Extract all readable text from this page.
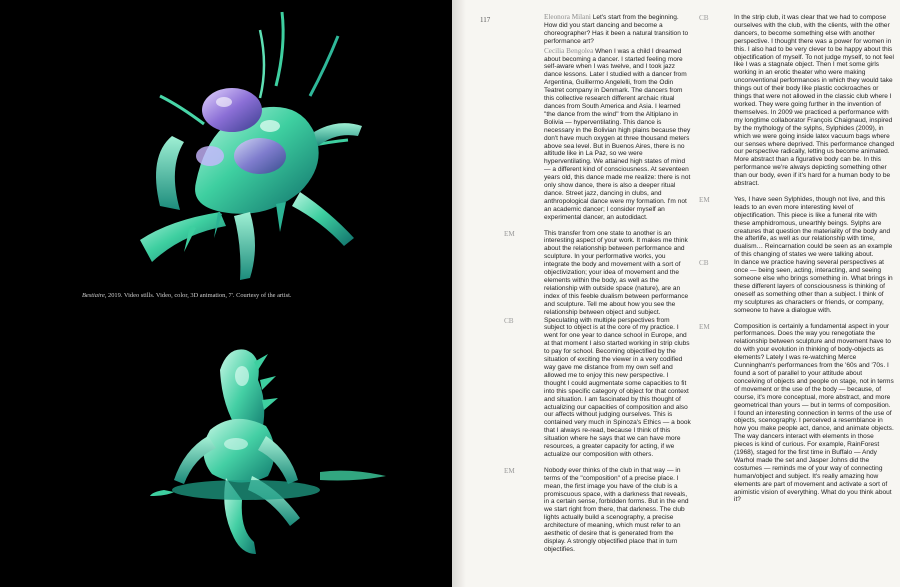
Bestiaire, 2019. Video stills. Video, color, 3D animation, 7'. Courtesy of the artist.
117	Eleonora Milani Let's start from the beginning. How did you start dancing and become a choreographer? Has it been a natural transition to performance art?
Cecilia Bengolea When I was a child I dreamed about becoming a dancer. I started feeling more self-aware when I was twelve, and I took jazz dance lessons. Later I studied with a dancer from Argentina, Guillermo Angelelli, from the Odin Teatret company in Denmark. The dancers from this collective research different archaic ritual dances from South America and Asia. I learned "the dance from the wind" from the Altiplano in Bolivia — hyperventilating. This dance is necessary in the Bolivian high plains because they don't have much oxygen at three thousand meters above sea level. But in Buenos Aires, there is no altitude like in La Paz, so we were hyperventilating. We attained high states of mind — a different kind of consciousness. At seventeen years old, this dance made me realize: there is not only show dance, there is also a deeper ritual dance. Street jazz, dancing in clubs, and anthropological dance were my formation. I'm not an academic dancer; I consider myself an experimental dancer, an autodidact.
EM	This transfer from one state to another is an interesting aspect of your work. It makes me think about the relationship between performance and sculpture. In your performative works, you integrate the body and movement with a sort of objectivization; your idea of movement and the elements within the body, as well as the relationship with outside space (nature), are an index of this feeble dualism between performance and sculpture. Tell me about how you see the relationship between object and subject.
CB	Speculating with multiple perspectives from subject to object is at the core of my practice. I went for one year to dance school in Europe, and at that moment I also started working in strip clubs to pay for school. Becoming objectified by the situation of exciting the viewer in a very codified way gave me distance from my own self and allowed me to enjoy this new perspective. I thought I could augmentate some capacities to fit into this specific category of object for that context and situation. I am fascinated by this thought of actualizing our capacities of composition and also our affects without judging ourselves. This is contained very much in Spinoza's Ethics — a book that I always re-read, because I think of this situation where he says that we can have more resources, a greater capacity for acting, if we actualize our composition with others.
EM	Nobody ever thinks of the club in that way — in terms of the "composition" of a precise place. I mean, the first image you have of the club is a promiscuous space, with a darkness that reveals, in a certain sense, forbidden forms. But in the end we start right from there, that darkness. The club lights actually build a scenography, a precise architecture of meaning, which must refer to an aesthetic of desire that is generated from the display. A strongly objectified place that in turn objectifies.
CB	In the strip club, it was clear that we had to compose ourselves with the club, with the clients, with the other dancers, to become something else with another perspective. I thought there was a power for women in this. I also had to be very clever to be happy about this objectification of myself. To not judge myself, to not feel like I was a stagnate object. Then I met some girls working in an erotic theater who were making unconventional performances in which they would take things out of their body like plastic cockroaches or things that were not allowed in the classic club where I worked. They were going further in the invention of themselves. In 2009 we practiced a performance with my longtime collaborator François Chaignaud, inspired by the mythology of the sylphs, Sylphides (2009), in which we were going inside latex vacuum bags where our senses where deprived. This performance changed our perspective radically, letting us become animated. More abstract than a figurative body can be. In this performance we're always depicting something other than our body, even if it's hard for a human body to be abstract.
EM	Yes, I have seen Sylphides, though not live, and this leads to an even more interesting level of objectification. This piece is like a funeral rite with these amphidromous, unearthly beings. Sylphs are creatures that question the materiality of the body and the afterlife, as well as our relationship with time, dualism… Reincarnation could be seen as an example of this changing of states we were talking about.
CB	In dance we practice having several perspectives at once — being seen, acting, interacting, and seeing someone else who brings something in. What brings in these different layers of consciousness is thinking of oneself as something other than a subject. I think of my sculptures as characters or friends, or company, someone to have a dialogue with.
EM	Composition is certainly a fundamental aspect in your performances. Does the way you renegotiate the relationship between sculpture and movement have to do with your evolution in thinking of body-objects as elements? Lately I was re-watching Merce Cunningham's performances from the '60s and '70s. I found a sort of parallel to your attitude about conceiving of objects and people on stage, not in terms of movement or the use of the body — because, of course, it's more conceptual, more abstract, and more geometrical than yours — but in terms of composition. I found an interesting connection in terms of the use of objects, scenography. I perceived a resemblance in how you make people act, dance, and animate objects. The way dancers interact with elements in those pieces is kind of curious. For example, RainForest (1968), staged for the first time in Buffalo — Andy Warhol made the set and Jasper Johns did the costumes — reminds me of your way of connecting human/object and subject. It's really amazing how elements are part of movement and activate a sort of animistic vision of everything. What do you think about it?
